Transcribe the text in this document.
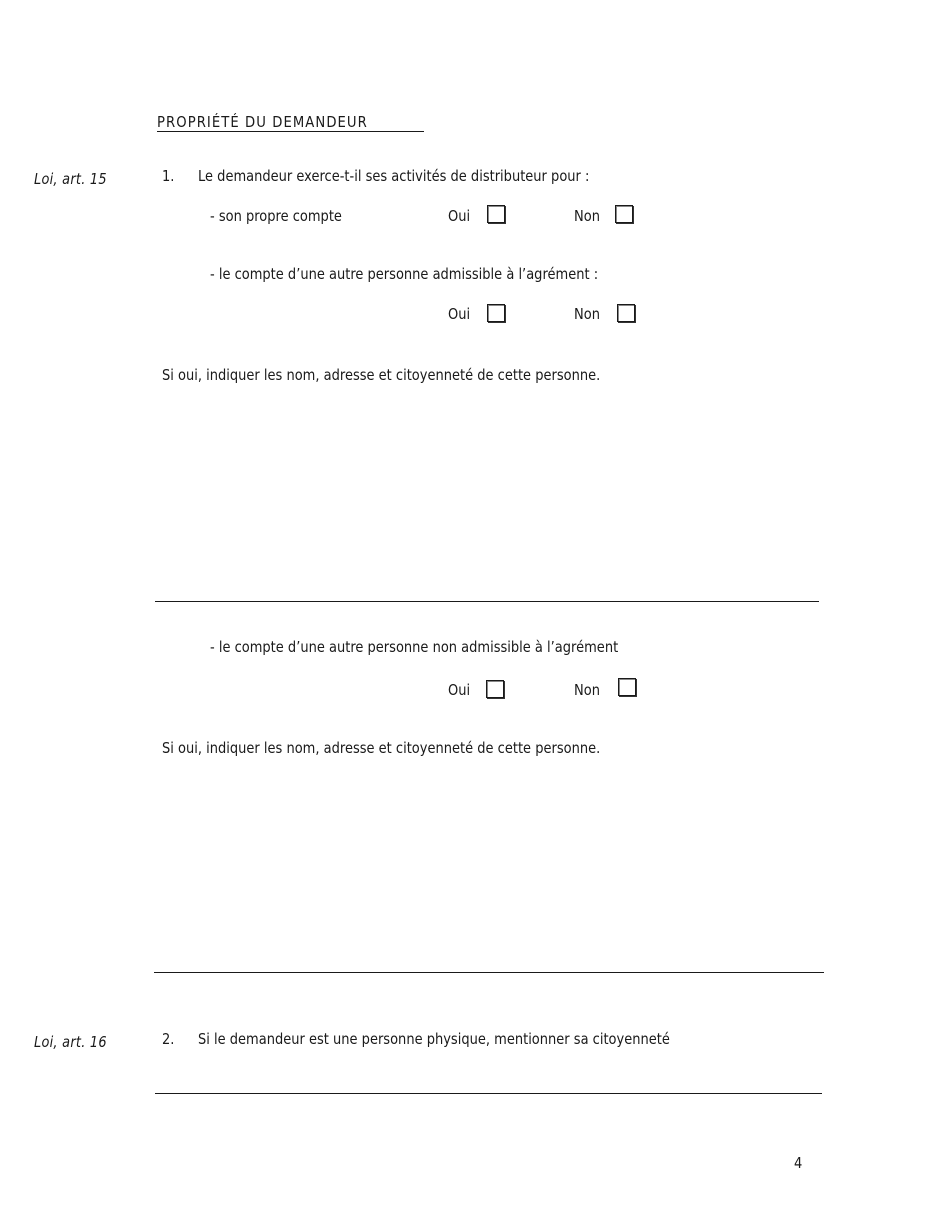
PROPRIÉTÉ DU DEMANDEUR
Loi, art. 15	1. Le demandeur exerce-t-il ses activités de distributeur pour :
- son propre compte	Oui	Non
- le compte d’une autre personne admissible à l’agrément :
Oui	Non
Si oui, indiquer les nom, adresse et citoyenneté de cette personne.
- le compte d’une autre personne non admissible à l’agrément
Oui	Non
Si oui, indiquer les nom, adresse et citoyenneté de cette personne.
Loi, art. 16	2. Si le demandeur est une personne physique, mentionner sa citoyenneté
4
